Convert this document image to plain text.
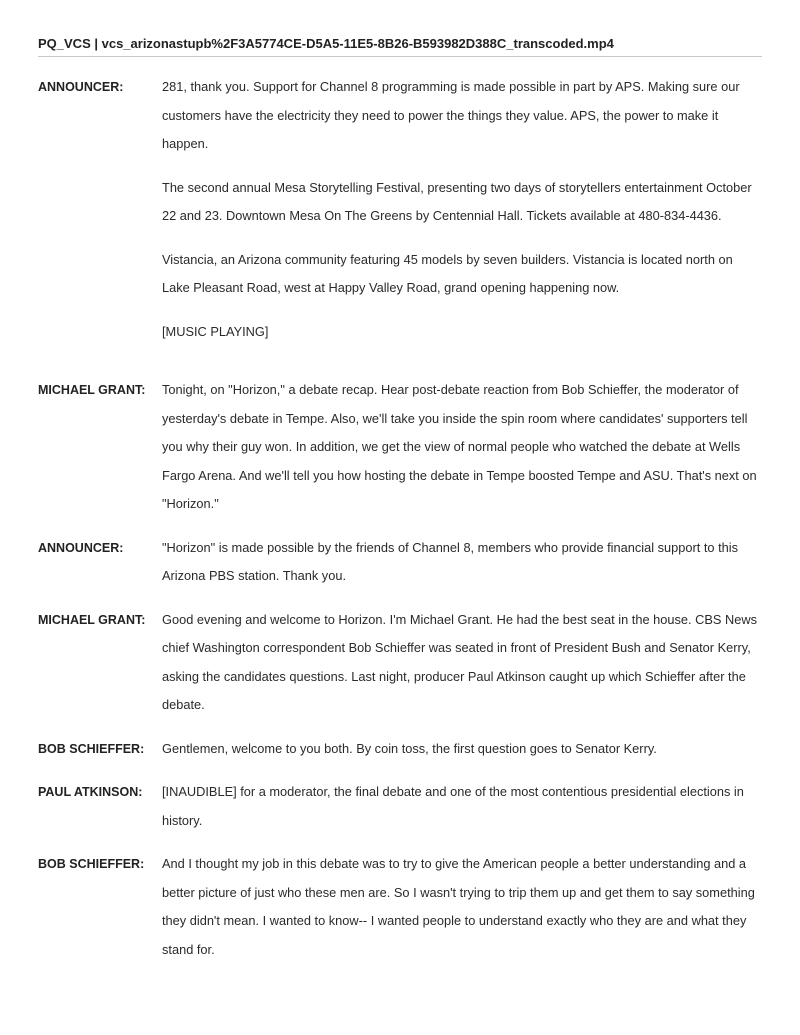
PQ_VCS | vcs_arizonastupb%2F3A5774CE-D5A5-11E5-8B26-B593982D388C_transcoded.mp4
ANNOUNCER:	281, thank you. Support for Channel 8 programming is made possible in part by APS. Making sure our customers have the electricity they need to power the things they value. APS, the power to make it happen.

The second annual Mesa Storytelling Festival, presenting two days of storytellers entertainment October 22 and 23. Downtown Mesa On The Greens by Centennial Hall. Tickets available at 480-834-4436.

Vistancia, an Arizona community featuring 45 models by seven builders. Vistancia is located north on Lake Pleasant Road, west at Happy Valley Road, grand opening happening now.

[MUSIC PLAYING]

MICHAEL GRANT:	Tonight, on "Horizon," a debate recap. Hear post-debate reaction from Bob Schieffer, the moderator of yesterday's debate in Tempe. Also, we'll take you inside the spin room where candidates' supporters tell you why their guy won. In addition, we get the view of normal people who watched the debate at Wells Fargo Arena. And we'll tell you how hosting the debate in Tempe boosted Tempe and ASU. That's next on "Horizon."

ANNOUNCER:	"Horizon" is made possible by the friends of Channel 8, members who provide financial support to this Arizona PBS station. Thank you.

MICHAEL GRANT:	Good evening and welcome to Horizon. I'm Michael Grant. He had the best seat in the house. CBS News chief Washington correspondent Bob Schieffer was seated in front of President Bush and Senator Kerry, asking the candidates questions. Last night, producer Paul Atkinson caught up which Schieffer after the debate.

BOB SCHIEFFER:	Gentlemen, welcome to you both. By coin toss, the first question goes to Senator Kerry.

PAUL ATKINSON:	[INAUDIBLE] for a moderator, the final debate and one of the most contentious presidential elections in history.

BOB SCHIEFFER:	And I thought my job in this debate was to try to give the American people a better understanding and a better picture of just who these men are. So I wasn't trying to trip them up and get them to say something they didn't mean. I wanted to know-- I wanted people to understand exactly who they are and what they stand for.
